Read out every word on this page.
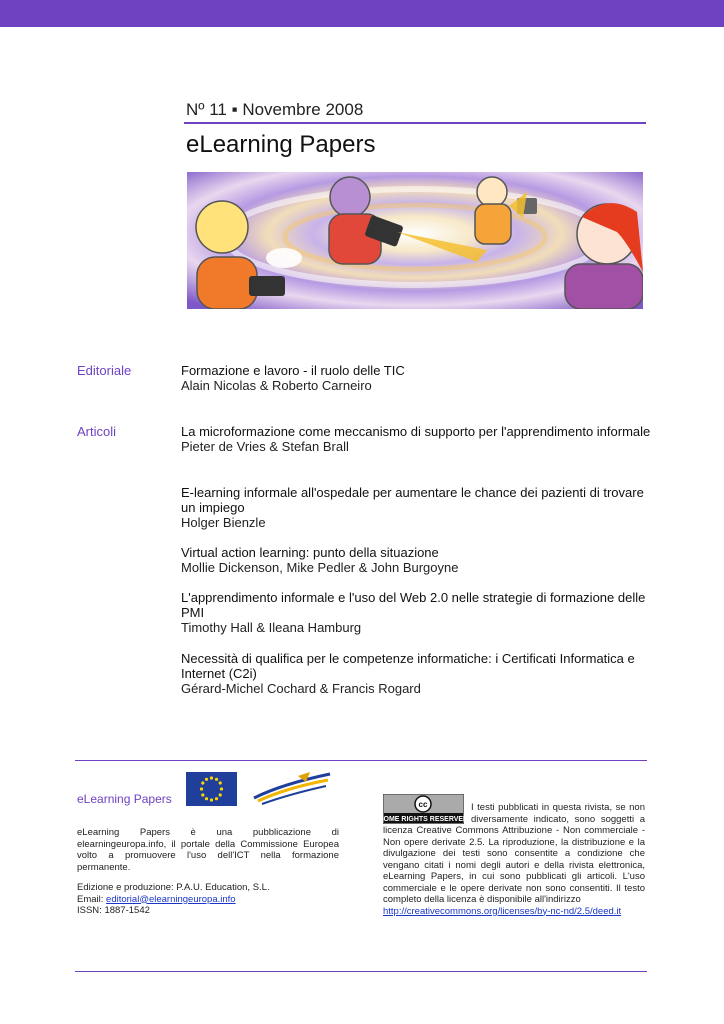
Nº 11 ▪ Novembre 2008
eLearning Papers
Editoriale	Formazione e lavoro - il ruolo delle TIC
Alain Nicolas & Roberto Carneiro
Articoli	La microformazione come meccanismo di supporto per l'apprendimento informale
Pieter de Vries & Stefan Brall
E-learning informale all'ospedale per aumentare le chance dei pazienti di trovare un impiego
Holger Bienzle
Virtual action learning: punto della situazione
Mollie Dickenson, Mike Pedler & John Burgoyne
L'apprendimento informale e l'uso del Web 2.0 nelle strategie di formazione delle PMI
Timothy Hall & Ileana Hamburg
Necessità di qualifica per le competenze informatiche: i Certificati Informatica e Internet (C2i)
Gérard-Michel Cochard & Francis Rogard
eLearning Papers
eLearning Papers è una pubblicazione di elearningeuropa.info, il portale della Commissione Europea volto a promuovere l'uso dell'ICT nella formazione permanente.
Edizione e produzione: P.A.U. Education, S.L.
Email: editorial@elearningeuropa.info
ISSN: 1887-1542
cc
SOME RIGHTS RESERVED
I testi pubblicati in questa rivista, se non diversamente indicato, sono soggetti a licenza Creative Commons Attribuzione - Non commerciale - Non opere derivate 2.5. La riproduzione, la distribuzione e la divulgazione dei testi sono consentite a condizione che vengano citati i nomi degli autori e della rivista elettronica, eLearning Papers, in cui sono pubblicati gli articoli. L'uso commerciale e le opere derivate non sono consentiti. Il testo completo della licenza è disponibile all'indirizzo
http://creativecommons.org/licenses/by-nc-nd/2.5/deed.it
